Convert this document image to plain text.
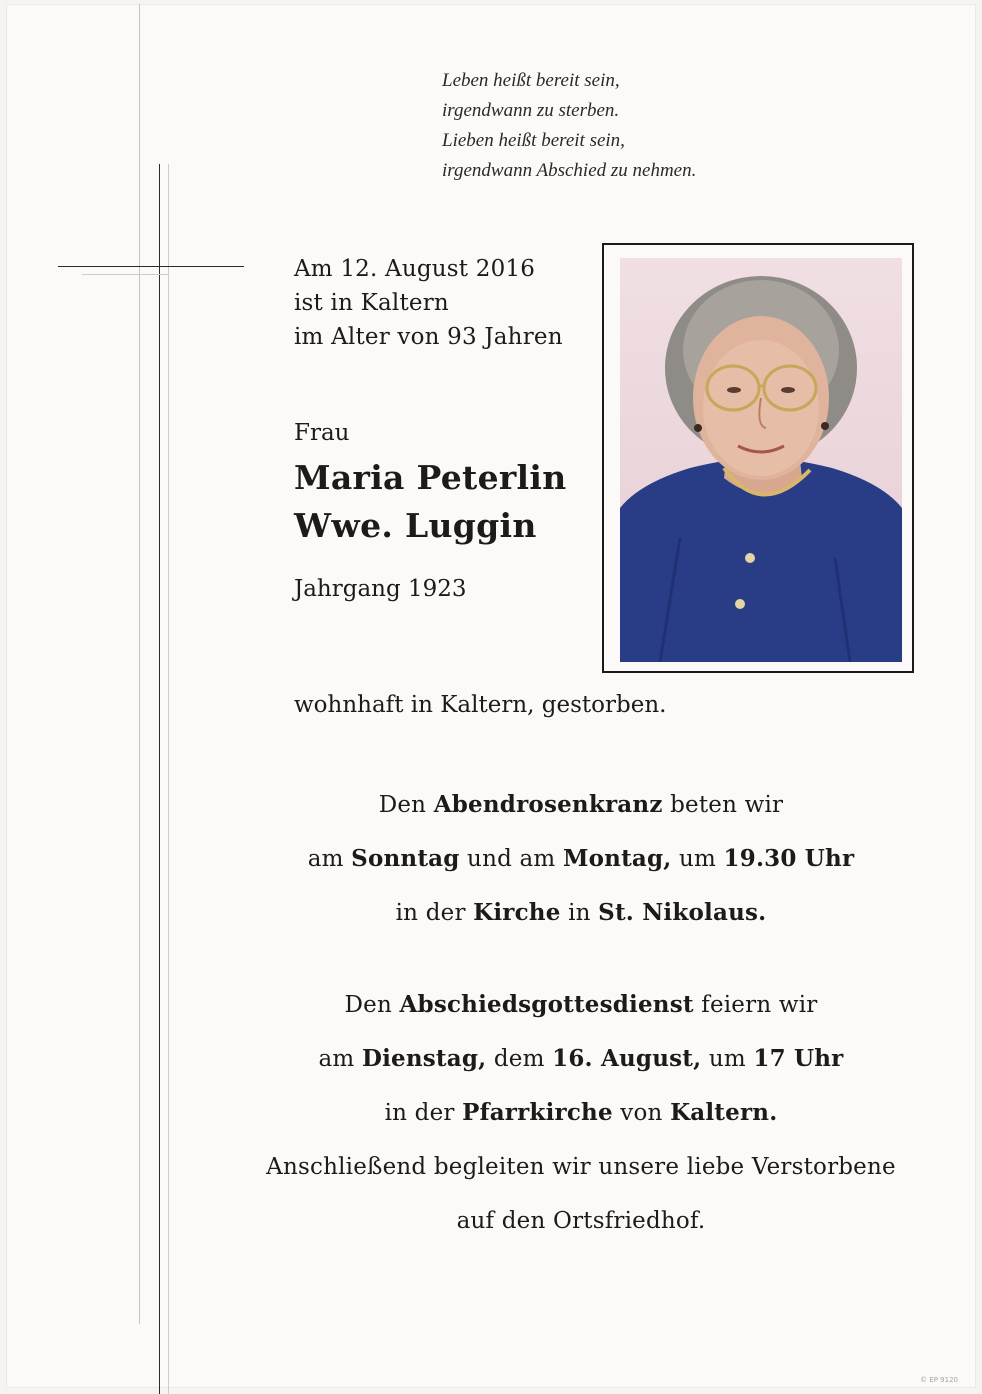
Leben heißt bereit sein,
irgendwann zu sterben.
Lieben heißt bereit sein,
irgendwann Abschied zu nehmen.
Am 12. August 2016
ist in Kaltern
im Alter von 93 Jahren
Frau
Maria Peterlin
Wwe. Luggin
Jahrgang 1923
wohnhaft in Kaltern, gestorben.
Den Abendrosenkranz beten wir
am Sonntag und am Montag, um 19.30 Uhr
in der Kirche in St. Nikolaus.
Den Abschiedsgottesdienst feiern wir
am Dienstag, dem 16. August, um 17 Uhr
in der Pfarrkirche von Kaltern.
Anschließend begleiten wir unsere liebe Verstorbene
auf den Ortsfriedhof.
© EP 9120
